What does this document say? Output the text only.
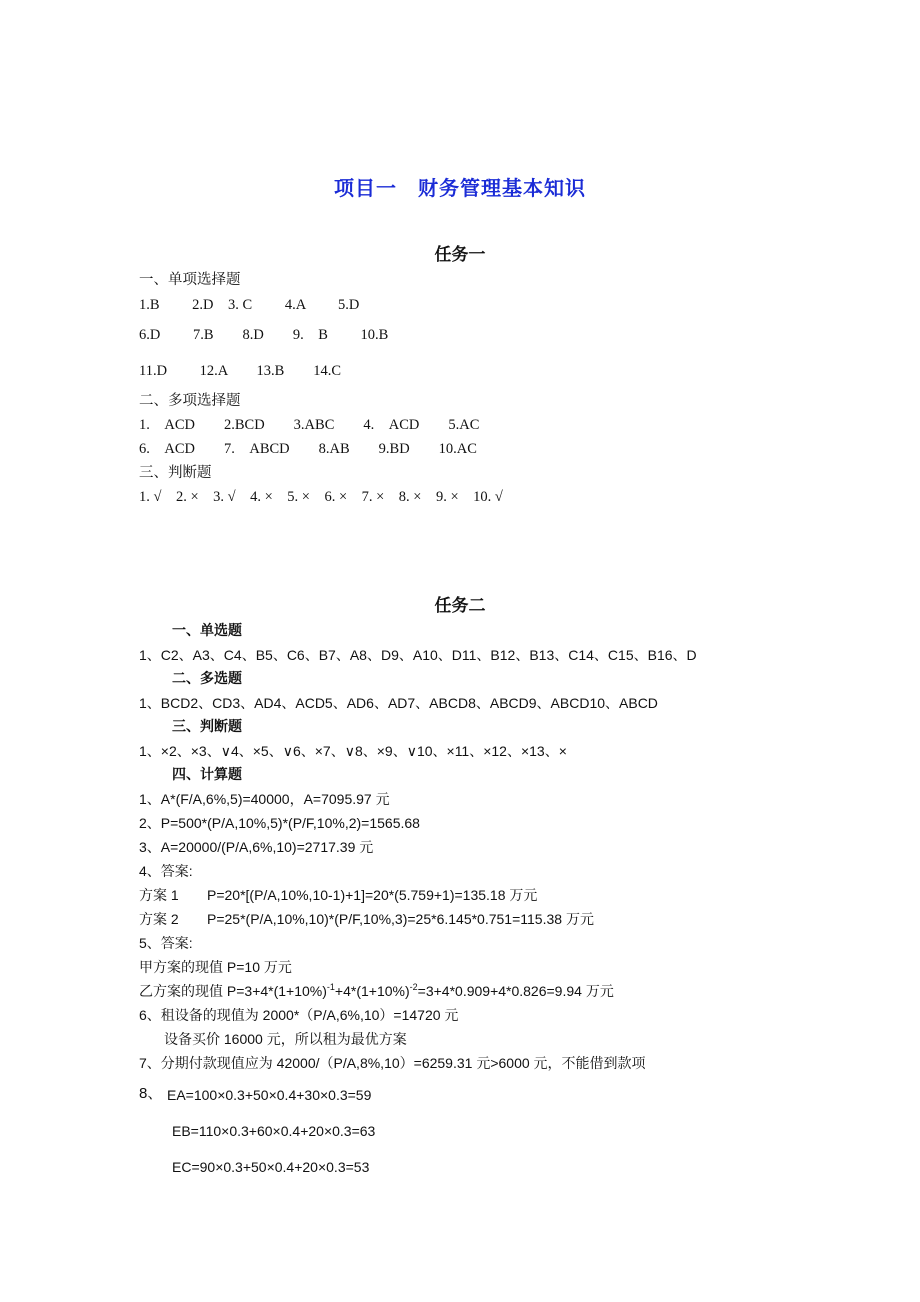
项目一　财务管理基本知识
任务一
一、单项选择题
1.B　　 2.D　3. C　　 4.A　　 5.D
6.D　　 7.B　　8.D　　9.　B　　 10.B
11.D　　 12.A　　13.B　　14.C
二、多项选择题
1.　ACD　　2.BCD　　3.ABC　　4.　ACD　　5.AC
6.　ACD　　7.　ABCD　　8.AB　　9.BD　　10.AC
三、判断题
1. √　2. ×　3. √　4. ×　5. ×　6. ×　7. ×　8. ×　9. ×　10. √
任务二
一、单选题
1、C2、A3、C4、B5、C6、B7、A8、D9、A10、D11、B12、B13、C14、C15、B16、D
二、多选题
1、BCD2、CD3、AD4、ACD5、AD6、AD7、ABCD8、ABCD9、ABCD10、ABCD
三、判断题
1、×2、×3、∨4、×5、∨6、×7、∨8、×9、∨10、×11、×12、×13、×
四、计算题
1、A*(F/A,6%,5)=40000，A=7095.97 元
2、P=500*(P/A,10%,5)*(P/F,10%,2)=1565.68
3、A=20000/(P/A,6%,10)=2717.39 元
4、答案:
方案 1 P=20*[(P/A,10%,10-1)+1]=20*(5.759+1)=135.18 万元
方案 2 P=25*(P/A,10%,10)*(P/F,10%,3)=25*6.145*0.751=115.38 万元
5、答案:
甲方案的现值 P=10 万元
乙方案的现值 $P=3+4*(1+10\%)^{-1}+4*(1+10\%)^{-2}=3+4*0.909+4*0.826=9.94$ 万元
6、租设备的现值为 2000*（P/A,6%,10）=14720 元
设备买价 16000 元，所以租为最优方案
7、分期付款现值应为 42000/（P/A,8%,10）=6259.31 元>6000 元，不能借到款项
8、 EA=100×0.3+50×0.4+30×0.3=59
EB=110×0.3+60×0.4+20×0.3=63
EC=90×0.3+50×0.4+20×0.3=53
